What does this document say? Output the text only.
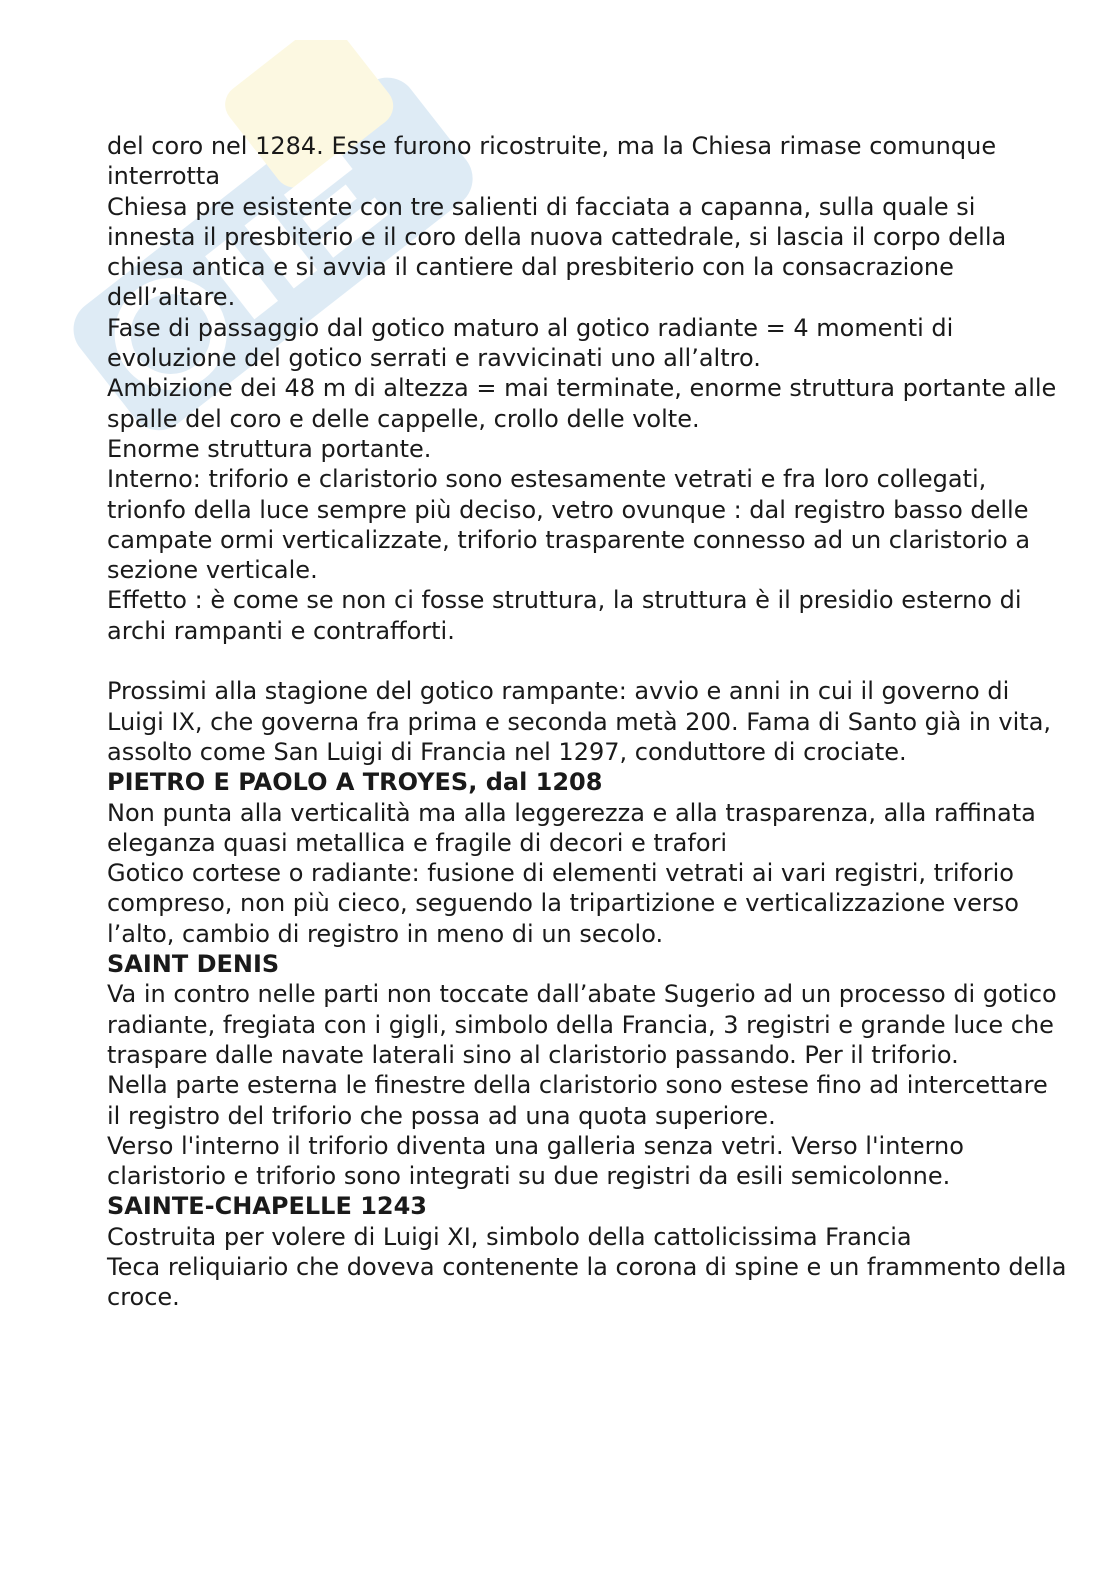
del coro nel 1284. Esse furono ricostruite, ma la Chiesa rimase comunque interrotta

Chiesa pre esistente con tre salienti di facciata a capanna, sulla quale si innesta il presbiterio e il coro della nuova cattedrale, si lascia il corpo della chiesa antica e si avvia il cantiere dal presbiterio con la consacrazione dell’altare.

Fase di passaggio dal gotico maturo al gotico radiante = 4 momenti di evoluzione del gotico serrati e ravvicinati uno all’altro.

Ambizione dei 48 m di altezza = mai terminate, enorme struttura portante alle spalle del coro e delle cappelle, crollo delle volte.

Enorme struttura portante.

Interno: triforio e claristorio sono estesamente vetrati e fra loro collegati, trionfo della luce sempre più deciso, vetro ovunque : dal registro basso delle campate ormi verticalizzate, triforio trasparente connesso ad un claristorio a sezione verticale.

Effetto : è come se non ci fosse struttura, la struttura è il presidio esterno di archi rampanti e contrafforti.

Prossimi alla stagione del gotico rampante: avvio e anni in cui il governo di Luigi IX, che governa fra prima e seconda metà 200. Fama di Santo già in vita, assolto come San Luigi di Francia nel 1297, conduttore di crociate.

PIETRO E PAOLO A TROYES, dal 1208

Non punta alla verticalità ma alla leggerezza e alla trasparenza, alla raffinata eleganza quasi metallica e fragile di decori e trafori

Gotico cortese o radiante: fusione di elementi vetrati ai vari registri, triforio compreso, non più cieco, seguendo la tripartizione e verticalizzazione verso l’alto, cambio di registro in meno di un secolo.

SAINT DENIS

Va in contro nelle parti non toccate dall’abate Sugerio ad un processo di gotico radiante, fregiata con i gigli, simbolo della Francia, 3 registri e grande luce che traspare dalle navate laterali sino al claristorio passando. Per il triforio.

Nella parte esterna le finestre della claristorio sono estese fino ad intercettare il registro del triforio che possa ad una quota superiore.

Verso l'interno il triforio diventa una galleria senza vetri. Verso l'interno claristorio e triforio sono integrati su due registri da esili semicolonne.

SAINTE-CHAPELLE 1243

Costruita per volere di Luigi XI, simbolo della cattolicissima Francia

Teca reliquiario che doveva contenente la corona di spine e un frammento della croce.
